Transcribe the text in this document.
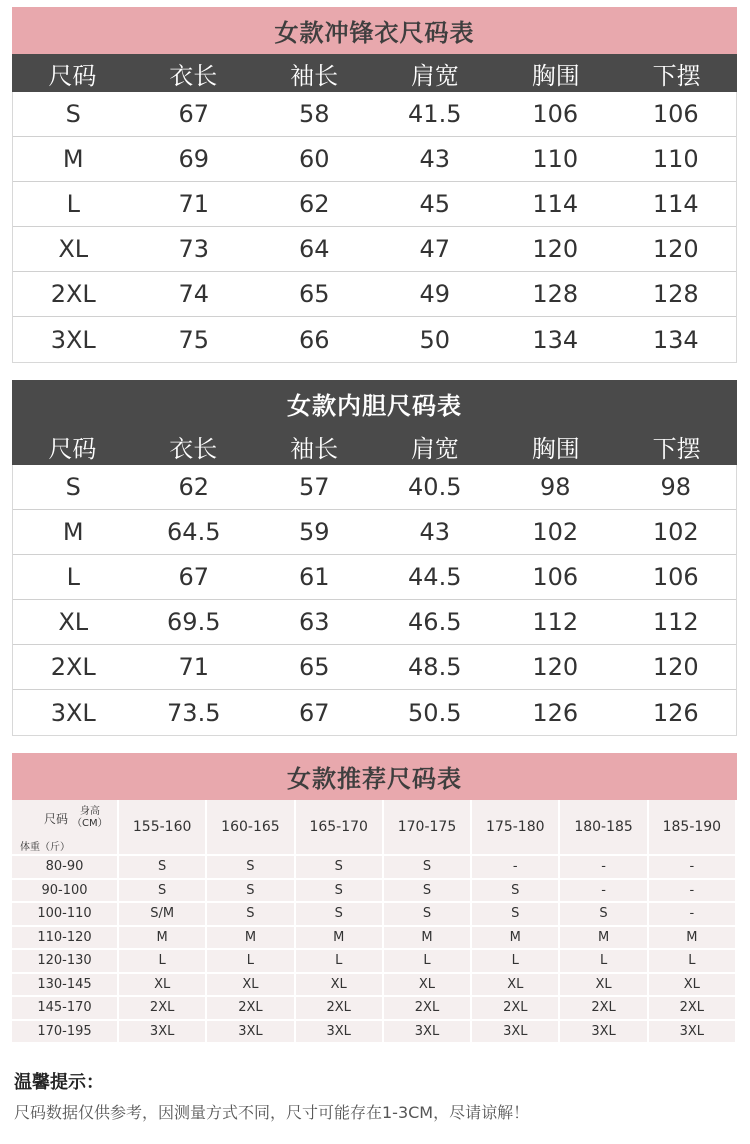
女款冲锋衣尺码表
尺码	衣长	袖长	肩宽	胸围	下摆
S	67	58	41.5	106	106
M	69	60	43	110	110
L	71	62	45	114	114
XL	73	64	47	120	120
2XL	74	65	49	128	128
3XL	75	66	50	134	134
女款内胆尺码表
尺码	衣长	袖长	肩宽	胸围	下摆
S	62	57	40.5	98	98
M	64.5	59	43	102	102
L	67	61	44.5	106	106
XL	69.5	63	46.5	112	112
2XL	71	65	48.5	120	120
3XL	73.5	67	50.5	126	126
女款推荐尺码表
尺码
身高
（CM）
体重（斤）
155-160	160-165	165-170	170-175	175-180	180-185	185-190
80-90	S	S	S	S	-	-	-
90-100	S	S	S	S	S	-	-
100-110	S/M	S	S	S	S	S	-
110-120	M	M	M	M	M	M	M
120-130	L	L	L	L	L	L	L
130-145	XL	XL	XL	XL	XL	XL	XL
145-170	2XL	2XL	2XL	2XL	2XL	2XL	2XL
170-195	3XL	3XL	3XL	3XL	3XL	3XL	3XL
温馨提示：
尺码数据仅供参考，因测量方式不同，尺寸可能存在1-3CM，尽请谅解！
